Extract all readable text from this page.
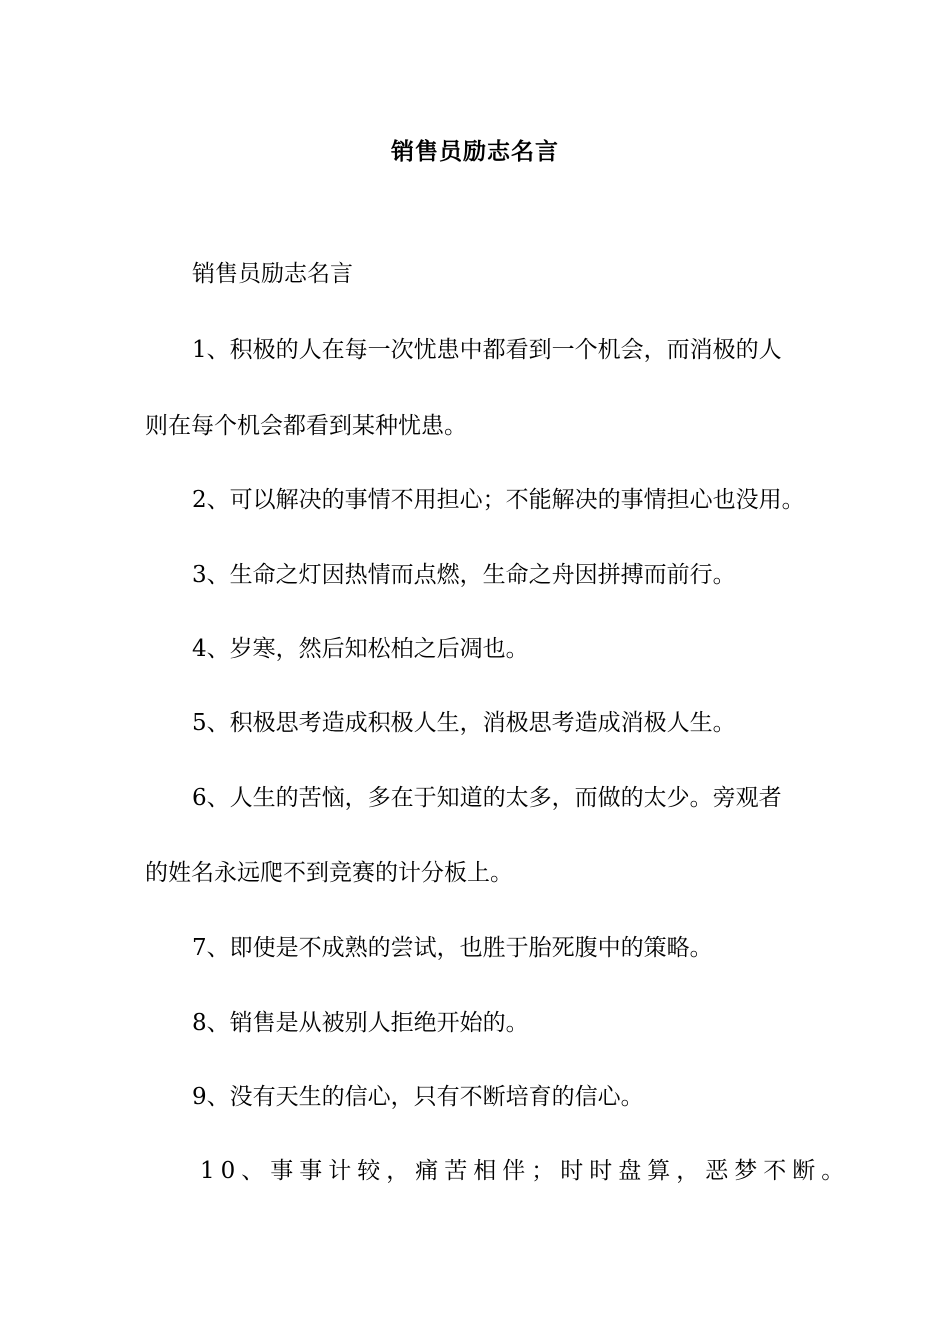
销售员励志名言
销售员励志名言
1、积极的人在每一次忧患中都看到一个机会，而消极的人
则在每个机会都看到某种忧患。
2、可以解决的事情不用担心；不能解决的事情担心也没用。
3、生命之灯因热情而点燃，生命之舟因拼搏而前行。
4、岁寒，然后知松柏之后凋也。
5、积极思考造成积极人生，消极思考造成消极人生。
6、人生的苦恼，多在于知道的太多，而做的太少。旁观者
的姓名永远爬不到竞赛的计分板上。
7、即使是不成熟的尝试，也胜于胎死腹中的策略。
8、销售是从被别人拒绝开始的。
9、没有天生的信心，只有不断培育的信心。
10、事事计较，痛苦相伴；时时盘算，恶梦不断。
